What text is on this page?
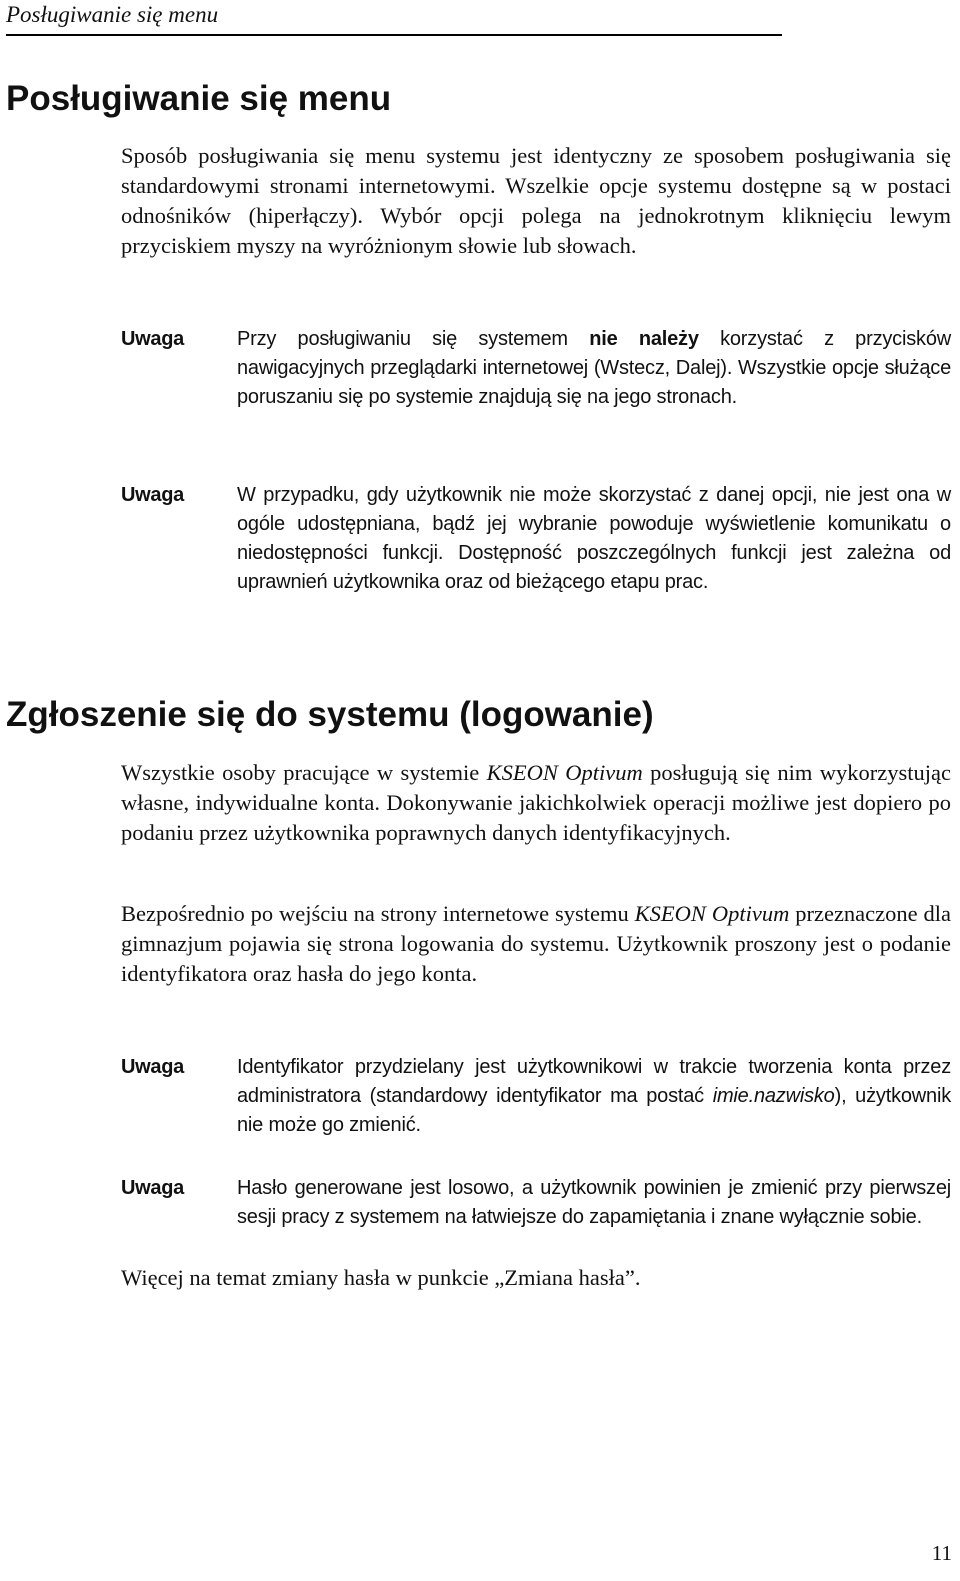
Posługiwanie się menu
Posługiwanie się menu

Sposób posługiwania się menu systemu jest identyczny ze sposobem posługiwania się standardowymi stronami internetowymi. Wszelkie opcje systemu dostępne są w postaci odnośników (hiperłączy). Wybór opcji polega na jednokrotnym kliknięciu lewym przyciskiem myszy na wyróżnionym słowie lub słowach.

Uwaga	Przy posługiwaniu się systemem nie należy korzystać z przycisków nawigacyjnych przeglądarki internetowej (Wstecz, Dalej). Wszystkie opcje służące poruszaniu się po systemie znajdują się na jego stronach.
Uwaga	W przypadku, gdy użytkownik nie może skorzystać z danej opcji, nie jest ona w ogóle udostępniana, bądź jej wybranie powoduje wyświetlenie komunikatu o niedostępności funkcji. Dostępność poszczególnych funkcji jest zależna od uprawnień użytkownika oraz od bieżącego etapu prac.
Zgłoszenie się do systemu (logowanie)

Wszystkie osoby pracujące w systemie KSEON Optivum posługują się nim wykorzystując własne, indywidualne konta. Dokonywanie jakichkolwiek operacji możliwe jest dopiero po podaniu przez użytkownika poprawnych danych identyfikacyjnych.

Bezpośrednio po wejściu na strony internetowe systemu KSEON Optivum przeznaczone dla gimnazjum pojawia się strona logowania do systemu. Użytkownik proszony jest o podanie identyfikatora oraz hasła do jego konta.

Uwaga	Identyfikator przydzielany jest użytkownikowi w trakcie tworzenia konta przez administratora (standardowy identyfikator ma postać imie.nazwisko), użytkownik nie może go zmienić.
Uwaga	Hasło generowane jest losowo, a użytkownik powinien je zmienić przy pierwszej sesji pracy z systemem na łatwiejsze do zapamiętania i znane wyłącznie sobie.

Więcej na temat zmiany hasła w punkcie „Zmiana hasła”.

11
